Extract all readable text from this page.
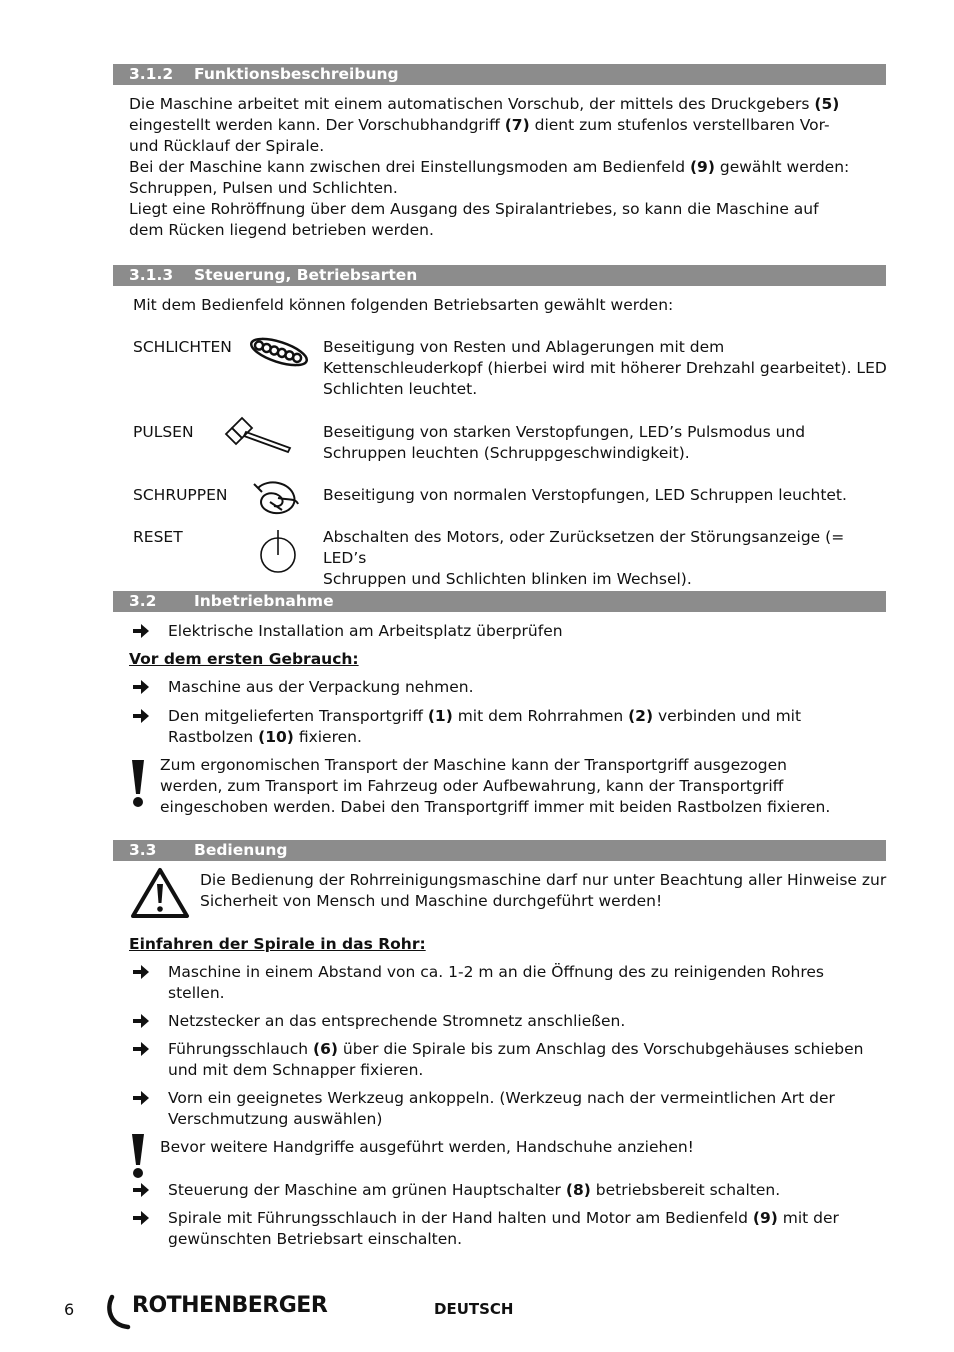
3.1.2 Funktionsbeschreibung
Die Maschine arbeitet mit einem automatischen Vorschub, der mittels des Druckgebers (5)
eingestellt werden kann. Der Vorschubhandgriff (7) dient zum stufenlos verstellbaren Vor-
und Rücklauf der Spirale.
Bei der Maschine kann zwischen drei Einstellungsmoden am Bedienfeld (9) gewählt werden:
Schruppen, Pulsen und Schlichten.
Liegt eine Rohröffnung über dem Ausgang des Spiralantriebes, so kann die Maschine auf
dem Rücken liegend betrieben werden.
3.1.3 Steuerung, Betriebsarten
Mit dem Bedienfeld können folgenden Betriebsarten gewählt werden:
SCHLICHTEN	Beseitigung von Resten und Ablagerungen mit dem
Kettenschleuderkopf (hierbei wird mit höherer Drehzahl gearbeitet). LED
Schlichten leuchtet.
PULSEN	Beseitigung von starken Verstopfungen, LED’s Pulsmodus und
Schruppen leuchten (Schruppgeschwindigkeit).
SCHRUPPEN	Beseitigung von normalen Verstopfungen, LED Schruppen leuchtet.
RESET	Abschalten des Motors, oder Zurücksetzen der Störungsanzeige (= LED’s
Schruppen und Schlichten blinken im Wechsel).
3.2 Inbetriebnahme
Elektrische Installation am Arbeitsplatz überprüfen
Vor dem ersten Gebrauch:
Maschine aus der Verpackung nehmen.
Den mitgelieferten Transportgriff (1) mit dem Rohrrahmen (2) verbinden und mit
Rastbolzen (10) fixieren.
Zum ergonomischen Transport der Maschine kann der Transportgriff ausgezogen
werden, zum Transport im Fahrzeug oder Aufbewahrung, kann der Transportgriff
eingeschoben werden. Dabei den Transportgriff immer mit beiden Rastbolzen fixieren.
3.3 Bedienung
Die Bedienung der Rohrreinigungsmaschine darf nur unter Beachtung aller Hinweise zur
Sicherheit von Mensch und Maschine durchgeführt werden!
Einfahren der Spirale in das Rohr:
Maschine in einem Abstand von ca. 1-2 m an die Öffnung des zu reinigenden Rohres
stellen.
Netzstecker an das entsprechende Stromnetz anschließen.
Führungsschlauch (6) über die Spirale bis zum Anschlag des Vorschubgehäuses schieben
und mit dem Schnapper fixieren.
Vorn ein geeignetes Werkzeug ankoppeln. (Werkzeug nach der vermeintlichen Art der
Verschmutzung auswählen)
Bevor weitere Handgriffe ausgeführt werden, Handschuhe anziehen!
Steuerung der Maschine am grünen Hauptschalter (8) betriebsbereit schalten.
Spirale mit Führungsschlauch in der Hand halten und Motor am Bedienfeld (9) mit der
gewünschten Betriebsart einschalten.
6	ROTHENBERGER	DEUTSCH
